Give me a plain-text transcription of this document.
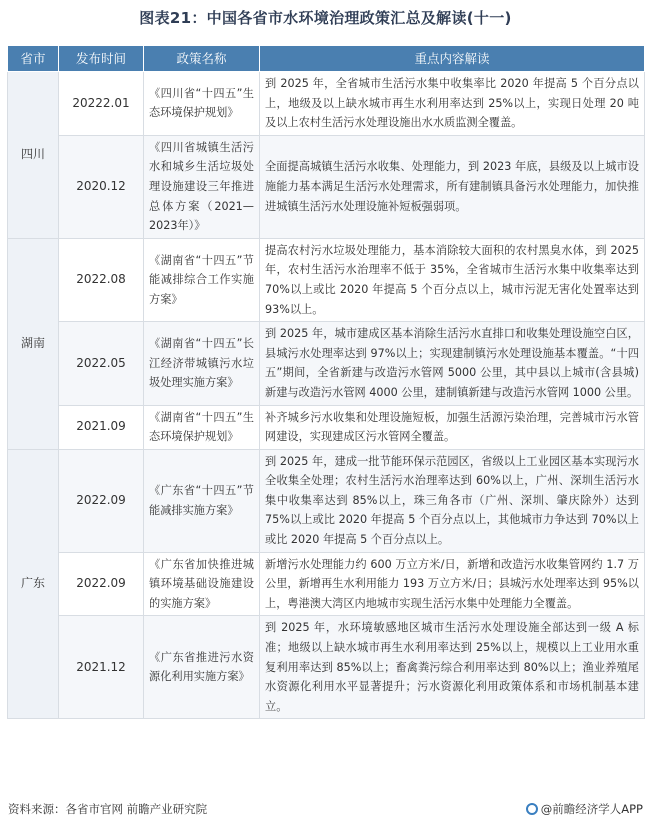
图表21：中国各省市水环境治理政策汇总及解读(十一)
省市	发布时间	政策名称	重点内容解读
四川	20222.01	《四川省“十四五”生态环境保护规划》	到 2025 年，全省城市生活污水集中收集率比 2020 年提高 5 个百分点以上，地级及以上缺水城市再生水利用率达到 25%以上，实现日处理 20 吨及以上农村生活污水处理设施出水水质监测全覆盖。
	2020.12	《四川省城镇生活污水和城乡生活垃圾处理设施建设三年推进总体方案（2021—2023年）》	全面提高城镇生活污水收集、处理能力，到 2023 年底，县级及以上城市设施能力基本满足生活污水处理需求，所有建制镇具备污水处理能力，加快推进城镇生活污水处理设施补短板强弱项。
湖南	2022.08	《湖南省“十四五”节能减排综合工作实施方案》	提高农村污水垃圾处理能力，基本消除较大面积的农村黑臭水体，到 2025 年，农村生活污水治理率不低于 35%，全省城市生活污水集中收集率达到 70%以上或比 2020 年提高 5 个百分点以上，城市污泥无害化处置率达到 93%以上。
	2022.05	《湖南省“十四五”长江经济带城镇污水垃圾处理实施方案》	到 2025 年，城市建成区基本消除生活污水直排口和收集处理设施空白区，县城污水处理率达到 97%以上；实现建制镇污水处理设施基本覆盖。“十四五”期间，全省新建与改造污水管网 5000 公里，其中县以上城市(含县城)新建与改造污水管网 4000 公里，建制镇新建与改造污水管网 1000 公里。
	2021.09	《湖南省“十四五”生态环境保护规划》	补齐城乡污水收集和处理设施短板，加强生活源污染治理，完善城市污水管网建设，实现建成区污水管网全覆盖。
广东	2022.09	《广东省“十四五”节能减排实施方案》	到 2025 年，建成一批节能环保示范园区，省级以上工业园区基本实现污水全收集全处理；农村生活污水治理率达到 60%以上，广州、深圳生活污水集中收集率达到 85%以上，珠三角各市（广州、深圳、肇庆除外）达到 75%以上或比 2020 年提高 5 个百分点以上，其他城市力争达到 70%以上或比 2020 年提高 5 个百分点以上。
	2022.09	《广东省加快推进城镇环境基础设施建设的实施方案》	新增污水处理能力约 600 万立方米/日，新增和改造污水收集管网约 1.7 万公里，新增再生水利用能力 193 万立方米/日；县城污水处理率达到 95%以上，粤港澳大湾区内地城市实现生活污水集中处理能力全覆盖。
	2021.12	《广东省推进污水资源化利用实施方案》	到 2025 年，水环境敏感地区城市生活污水处理设施全部达到一级 A 标准；地级以上缺水城市再生水利用率达到 25%以上，规模以上工业用水重复利用率达到 85%以上；畜禽粪污综合利用率达到 80%以上；渔业养殖尾水资源化利用水平显著提升；污水资源化利用政策体系和市场机制基本建立。
资料来源：各省市官网 前瞻产业研究院	@前瞻经济学人APP
